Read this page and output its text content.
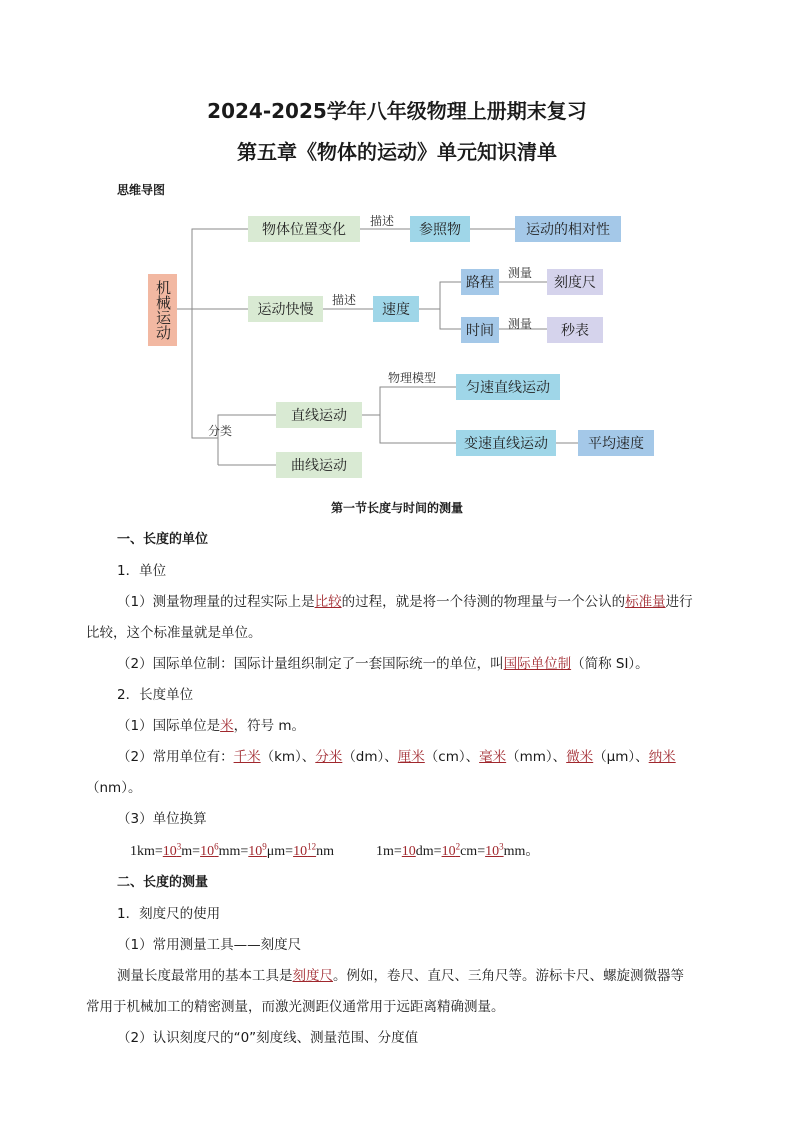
2024-2025学年八年级物理上册期末复习
第五章《物体的运动》单元知识清单
思维导图
机械运动
物体位置变化
描述
参照物	运动的相对性
运动快慢
描述
速度
路程
测量
刻度尺
时间	测量	秒表
分类
直线运动
物理模型
匀速直线运动
变速直线运动	平均速度
曲线运动
第一节长度与时间的测量
一、长度的单位
1．单位
（1）测量物理量的过程实际上是比较的过程，就是将一个待测的物理量与一个公认的标准量进行
比较，这个标准量就是单位。
（2）国际单位制：国际计量组织制定了一套国际统一的单位，叫国际单位制（简称 SI）。
2．长度单位
（1）国际单位是米，符号 m。
（2）常用单位有：千米（km）、分米（dm）、厘米（cm）、毫米（mm）、微米（μm）、纳米
（nm）。
（3）单位换算
$1km=10^3m=10^6mm=10^9\mu m=10^{12}nm$	$1m=10dm=10^2cm=10^3mm$。
二、长度的测量
1．刻度尺的使用
（1）常用测量工具——刻度尺
测量长度最常用的基本工具是刻度尺。例如，卷尺、直尺、三角尺等。游标卡尺、螺旋测微器等
常用于机械加工的精密测量，而激光测距仪通常用于远距离精确测量。
（2）认识刻度尺的“0”刻度线、测量范围、分度值
